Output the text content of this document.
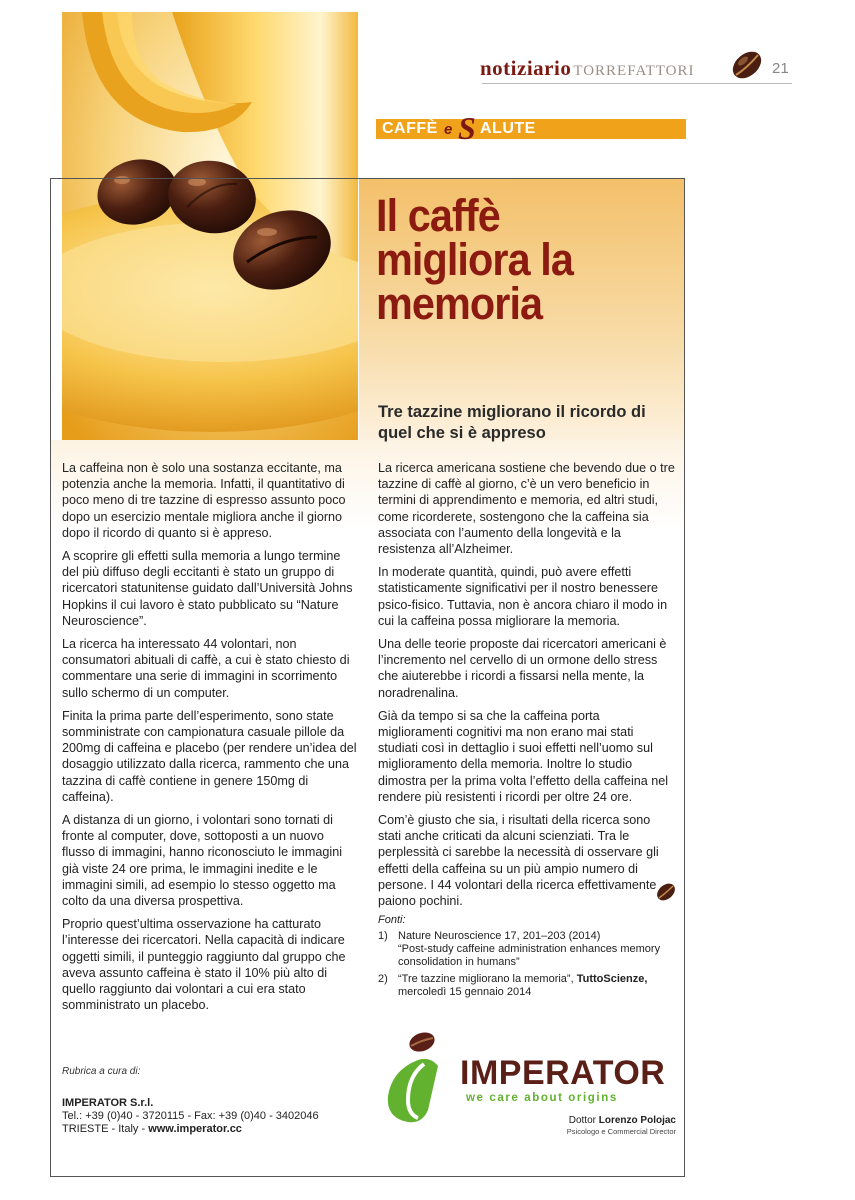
notiziario TORREFATTORI	21
CAFFÈ e S ALUTE
Il caffè migliora la memoria
Tre tazzine migliorano il ricordo di quel che si è appreso

La caffeina non è solo una sostanza eccitante, ma potenzia anche la memoria. Infatti, il quantitativo di poco meno di tre tazzine di espresso assunto poco dopo un esercizio mentale migliora anche il giorno dopo il ricordo di quanto si è appreso.

A scoprire gli effetti sulla memoria a lungo termine del più diffuso degli eccitanti è stato un gruppo di ricercatori statunitense guidato dall’Università Johns Hopkins il cui lavoro è stato pubblicato su “Nature Neuroscience”.

La ricerca ha interessato 44 volontari, non consumatori abituali di caffè, a cui è stato chiesto di commentare una serie di immagini in scorrimento sullo schermo di un computer.

Finita la prima parte dell’esperimento, sono state somministrate con campionatura casuale pillole da 200mg di caffeina e placebo (per rendere un’idea del dosaggio utilizzato dalla ricerca, rammento che una tazzina di caffè contiene in genere 150mg di caffeina).

A distanza di un giorno, i volontari sono tornati di fronte al computer, dove, sottoposti a un nuovo flusso di immagini, hanno riconosciuto le immagini già viste 24 ore prima, le immagini inedite e le immagini simili, ad esempio lo stesso oggetto ma colto da una diversa prospettiva.

Proprio quest’ultima osservazione ha catturato l’interesse dei ricercatori. Nella capacità di indicare oggetti simili, il punteggio raggiunto dal gruppo che aveva assunto caffeina è stato il 10% più alto di quello raggiunto dai volontari a cui era stato somministrato un placebo.

La ricerca americana sostiene che bevendo due o tre tazzine di caffè al giorno, c’è un vero beneficio in termini di apprendimento e memoria, ed altri studi, come ricorderete, sostengono che la caffeina sia associata con l’aumento della longevità e la resistenza all’Alzheimer.

In moderate quantità, quindi, può avere effetti statisticamente significativi per il nostro benessere psico-fisico. Tuttavia, non è ancora chiaro il modo in cui la caffeina possa migliorare la memoria.

Una delle teorie proposte dai ricercatori americani è l’incremento nel cervello di un ormone dello stress che aiuterebbe i ricordi a fissarsi nella mente, la noradrenalina.

Già da tempo si sa che la caffeina porta miglioramenti cognitivi ma non erano mai stati studiati così in dettaglio i suoi effetti nell’uomo sul miglioramento della memoria. Inoltre lo studio dimostra per la prima volta l’effetto della caffeina nel rendere più resistenti i ricordi per oltre 24 ore.

Com’è giusto che sia, i risultati della ricerca sono stati anche criticati da alcuni scienziati. Tra le perplessità ci sarebbe la necessità di osservare gli effetti della caffeina su un più ampio numero di persone. I 44 volontari della ricerca effettivamente paiono pochini.

Fonti:
1) Nature Neuroscience 17, 201–203 (2014)
“Post-study caffeine administration enhances memory consolidation in humans”
2) “Tre tazzine migliorano la memoria”, TuttoScienze,
mercoledì 15 gennaio 2014
Rubrica a cura di:
IMPERATOR S.r.l.
Tel.: +39 (0)40 - 3720115 - Fax: +39 (0)40 - 3402046
TRIESTE - Italy - www.imperator.cc
IMPERATOR
we care about origins
Dottor Lorenzo Polojac
Psicologo e Commercial Director
